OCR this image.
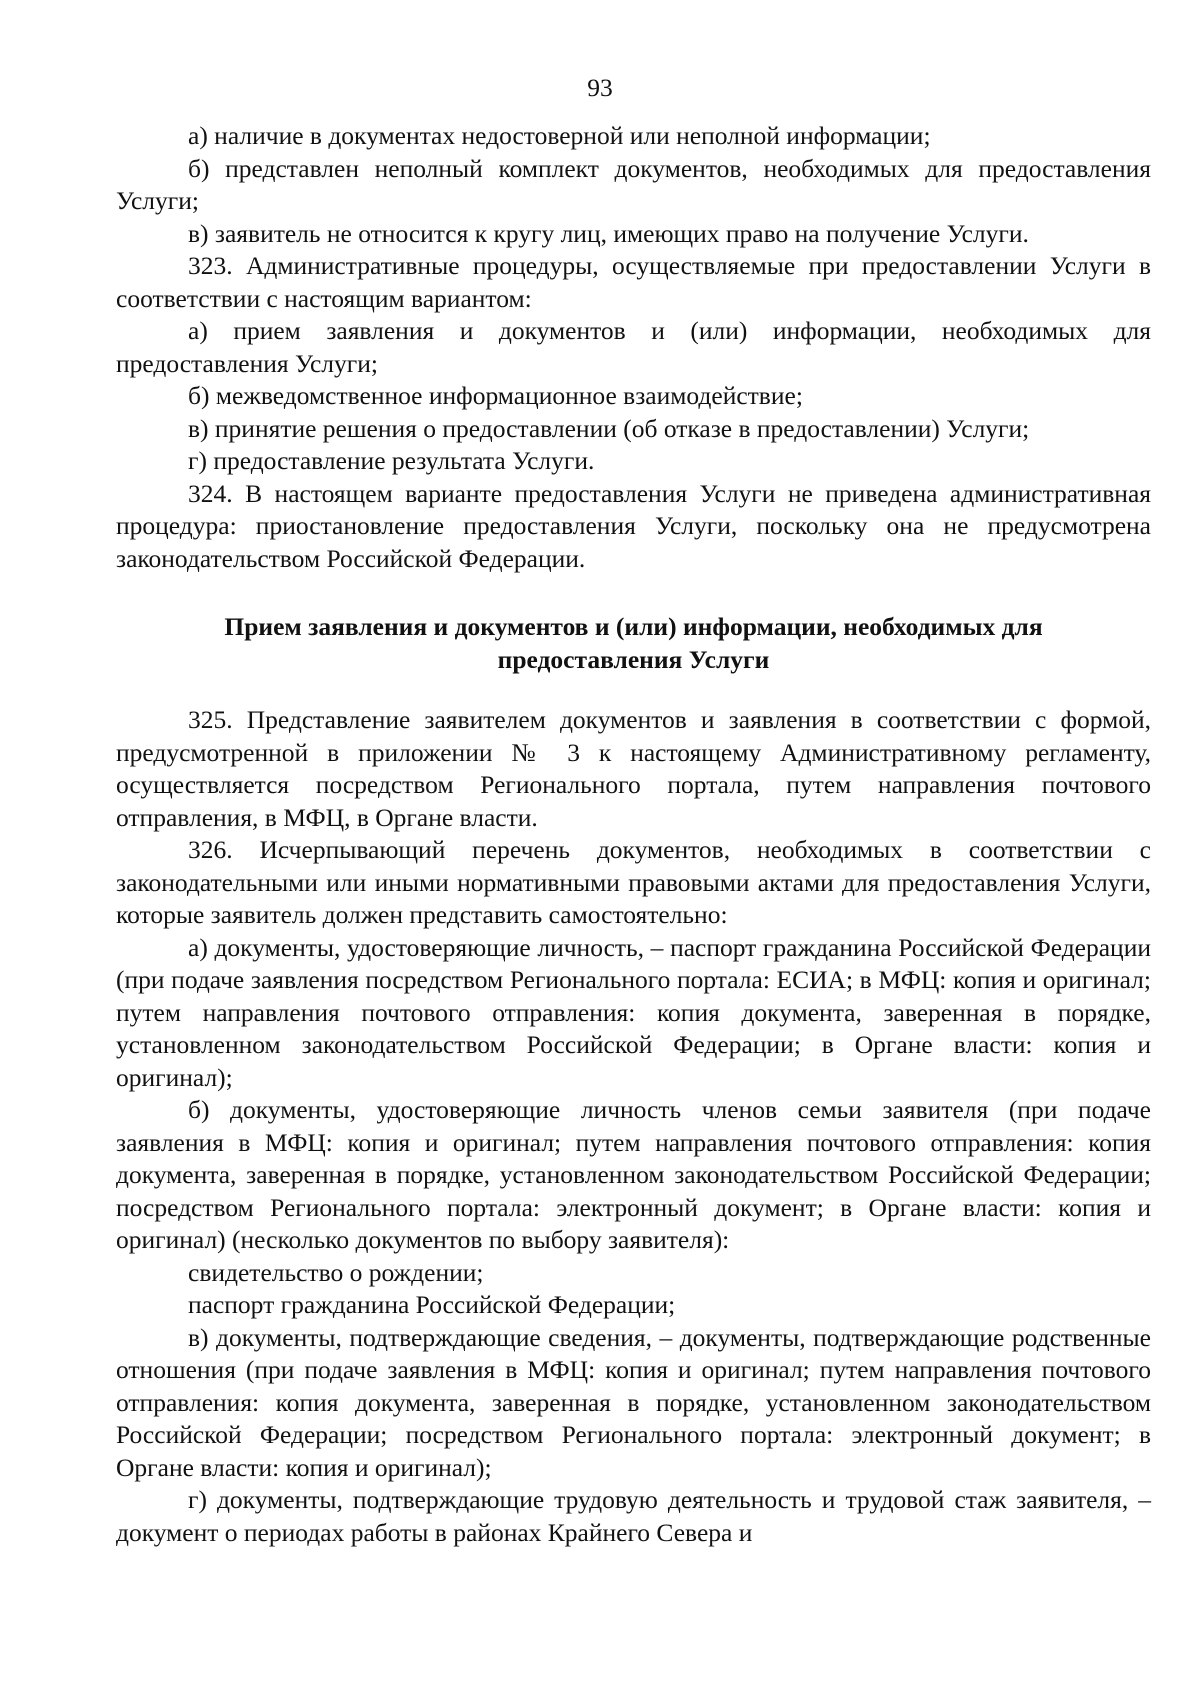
93

а) наличие в документах недостоверной или неполной информации;

б) представлен неполный комплект документов, необходимых для предоставления Услуги;

в) заявитель не относится к кругу лиц, имеющих право на получение Услуги.

323. Административные процедуры, осуществляемые при предоставлении Услуги в соответствии с настоящим вариантом:

а) прием заявления и документов и (или) информации, необходимых для предоставления Услуги;

б) межведомственное информационное взаимодействие;

в) принятие решения о предоставлении (об отказе в предоставлении) Услуги;

г) предоставление результата Услуги.

324. В настоящем варианте предоставления Услуги не приведена административная процедура: приостановление предоставления Услуги, поскольку она не предусмотрена законодательством Российской Федерации.

Прием заявления и документов и (или) информации, необходимых для
предоставления Услуги

325. Представление заявителем документов и заявления в соответствии с формой, предусмотренной в приложении № 3 к настоящему Административному регламенту, осуществляется посредством Регионального портала, путем направления почтового отправления, в МФЦ, в Органе власти.

326. Исчерпывающий перечень документов, необходимых в соответствии с законодательными или иными нормативными правовыми актами для предоставления Услуги, которые заявитель должен представить самостоятельно:

а) документы, удостоверяющие личность, – паспорт гражданина Российской Федерации (при подаче заявления посредством Регионального портала: ЕСИА; в МФЦ: копия и оригинал; путем направления почтового отправления: копия документа, заверенная в порядке, установленном законодательством Российской Федерации; в Органе власти: копия и оригинал);

б) документы, удостоверяющие личность членов семьи заявителя (при подаче заявления в МФЦ: копия и оригинал; путем направления почтового отправления: копия документа, заверенная в порядке, установленном законодательством Российской Федерации; посредством Регионального портала: электронный документ; в Органе власти: копия и оригинал) (несколько документов по выбору заявителя):

свидетельство о рождении;

паспорт гражданина Российской Федерации;

в) документы, подтверждающие сведения, – документы, подтверждающие родственные отношения (при подаче заявления в МФЦ: копия и оригинал; путем направления почтового отправления: копия документа, заверенная в порядке, установленном законодательством Российской Федерации; посредством Регионального портала: электронный документ; в Органе власти: копия и оригинал);

г) документы, подтверждающие трудовую деятельность и трудовой стаж заявителя, – документ о периодах работы в районах Крайнего Севера и
